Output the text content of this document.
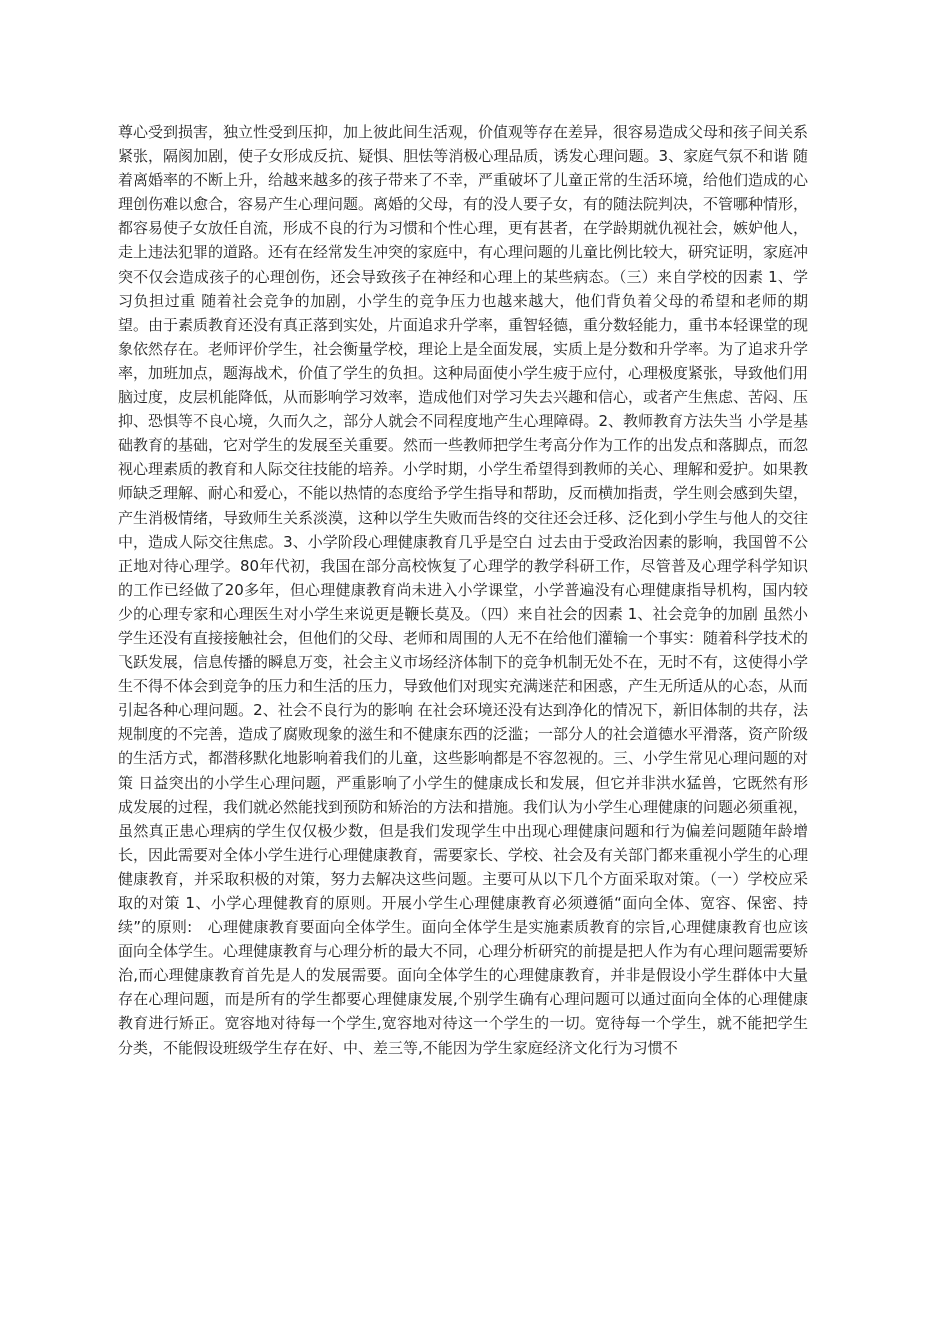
尊心受到损害，独立性受到压抑，加上彼此间生活观，价值观等存在差异，很容易造成父母和孩子间关系紧张，隔阂加剧，使子女形成反抗、疑惧、胆怯等消极心理品质，诱发心理问题。3、家庭气氛不和谐 随着离婚率的不断上升，给越来越多的孩子带来了不幸，严重破坏了儿童正常的生活环境，给他们造成的心理创伤难以愈合，容易产生心理问题。离婚的父母，有的没人要子女，有的随法院判决，不管哪种情形，都容易使子女放任自流，形成不良的行为习惯和个性心理，更有甚者，在学龄期就仇视社会，嫉妒他人，走上违法犯罪的道路。还有在经常发生冲突的家庭中，有心理问题的儿童比例比较大，研究证明，家庭冲突不仅会造成孩子的心理创伤，还会导致孩子在神经和心理上的某些病态。（三）来自学校的因素 1、学习负担过重 随着社会竞争的加剧，小学生的竞争压力也越来越大，他们背负着父母的希望和老师的期望。由于素质教育还没有真正落到实处，片面追求升学率，重智轻德，重分数轻能力，重书本轻课堂的现象依然存在。老师评价学生，社会衡量学校，理论上是全面发展，实质上是分数和升学率。为了追求升学率，加班加点，题海战术，价值了学生的负担。这种局面使小学生疲于应付，心理极度紧张，导致他们用脑过度，皮层机能降低，从而影响学习效率，造成他们对学习失去兴趣和信心，或者产生焦虑、苦闷、压抑、恐惧等不良心境，久而久之，部分人就会不同程度地产生心理障碍。2、教师教育方法失当 小学是基础教育的基础，它对学生的发展至关重要。然而一些教师把学生考高分作为工作的出发点和落脚点，而忽视心理素质的教育和人际交往技能的培养。小学时期，小学生希望得到教师的关心、理解和爱护。如果教师缺乏理解、耐心和爱心，不能以热情的态度给予学生指导和帮助，反而横加指责，学生则会感到失望，产生消极情绪，导致师生关系淡漠，这种以学生失败而告终的交往还会迁移、泛化到小学生与他人的交往中，造成人际交往焦虑。3、小学阶段心理健康教育几乎是空白 过去由于受政治因素的影响，我国曾不公正地对待心理学。80年代初，我国在部分高校恢复了心理学的教学科研工作，尽管普及心理学科学知识的工作已经做了20多年，但心理健康教育尚未进入小学课堂，小学普遍没有心理健康指导机构，国内较少的心理专家和心理医生对小学生来说更是鞭长莫及。（四）来自社会的因素 1、社会竞争的加剧 虽然小学生还没有直接接触社会，但他们的父母、老师和周围的人无不在给他们灌输一个事实：随着科学技术的飞跃发展，信息传播的瞬息万变，社会主义市场经济体制下的竞争机制无处不在，无时不有，这使得小学生不得不体会到竞争的压力和生活的压力，导致他们对现实充满迷茫和困惑，产生无所适从的心态，从而引起各种心理问题。2、社会不良行为的影响 在社会环境还没有达到净化的情况下，新旧体制的共存，法规制度的不完善，造成了腐败现象的滋生和不健康东西的泛滥；一部分人的社会道德水平滑落，资产阶级的生活方式，都潜移默化地影响着我们的儿童，这些影响都是不容忽视的。三、小学生常见心理问题的对策 日益突出的小学生心理问题，严重影响了小学生的健康成长和发展，但它并非洪水猛兽，它既然有形成发展的过程，我们就必然能找到预防和矫治的方法和措施。我们认为小学生心理健康的问题必须重视，虽然真正患心理病的学生仅仅极少数，但是我们发现学生中出现心理健康问题和行为偏差问题随年龄增长，因此需要对全体小学生进行心理健康教育，需要家长、学校、社会及有关部门都来重视小学生的心理健康教育，并采取积极的对策，努力去解决这些问题。主要可从以下几个方面采取对策。（一）学校应采取的对策 1、小学心理健教育的原则。开展小学生心理健康教育必须遵循“面向全体、宽容、保密、持续”的原则:　心理健康教育要面向全体学生。面向全体学生是实施素质教育的宗旨,心理健康教育也应该面向全体学生。心理健康教育与心理分析的最大不同，心理分析研究的前提是把人作为有心理问题需要矫治,而心理健康教育首先是人的发展需要。面向全体学生的心理健康教育，并非是假设小学生群体中大量存在心理问题，而是所有的学生都要心理健康发展,个别学生确有心理问题可以通过面向全体的心理健康教育进行矫正。宽容地对待每一个学生,宽容地对待这一个学生的一切。宽待每一个学生，就不能把学生分类，不能假设班级学生存在好、中、差三等,不能因为学生家庭经济文化行为习惯不
